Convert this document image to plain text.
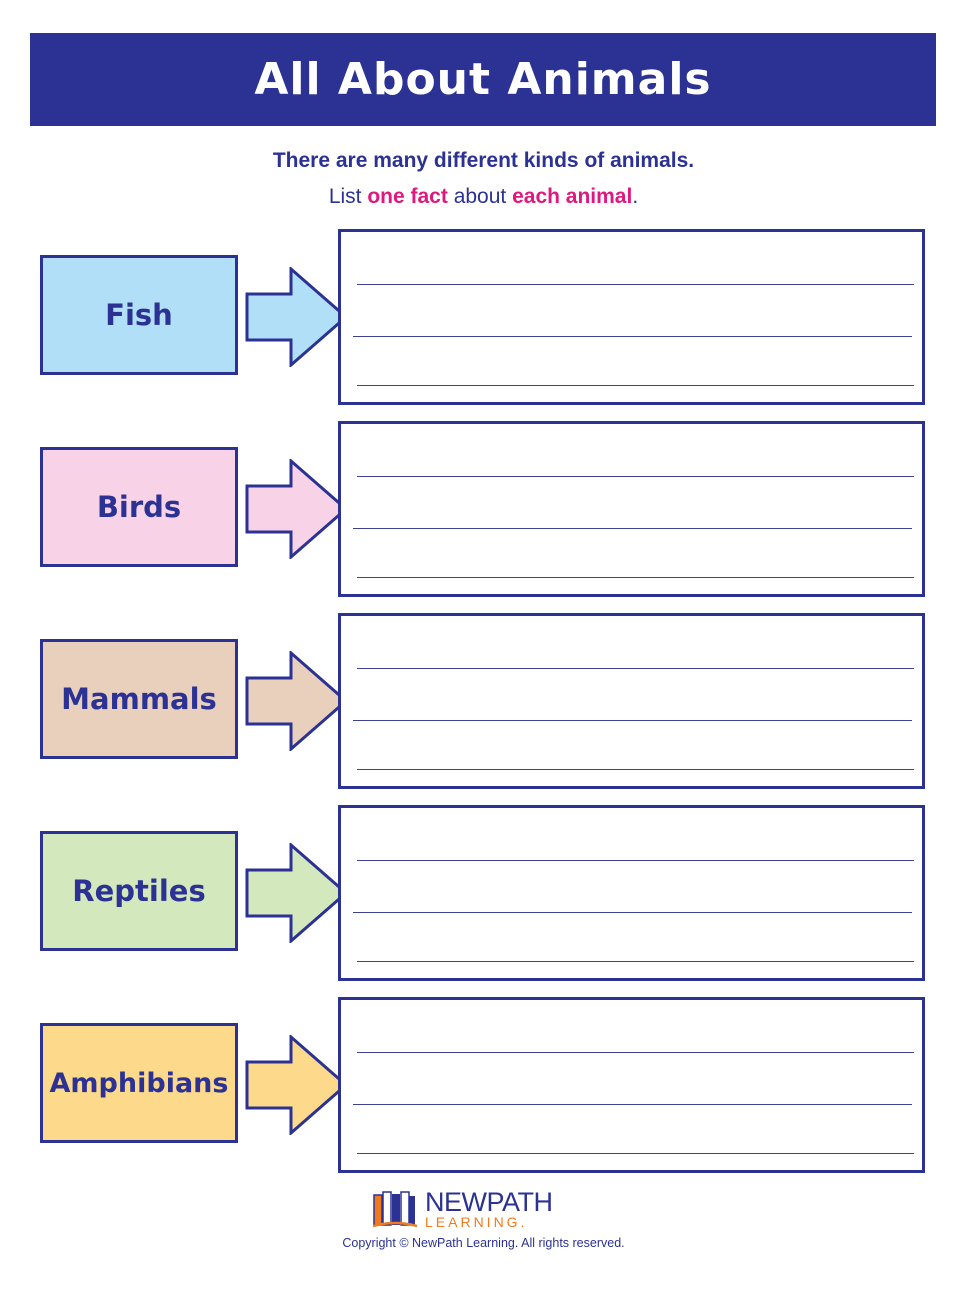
All About Animals
There are many different kinds of animals.
List one fact about each animal.
Fish
Birds
Mammals
Reptiles
Amphibians
NEWPATH
LEARNING.
Copyright © NewPath Learning. All rights reserved.
